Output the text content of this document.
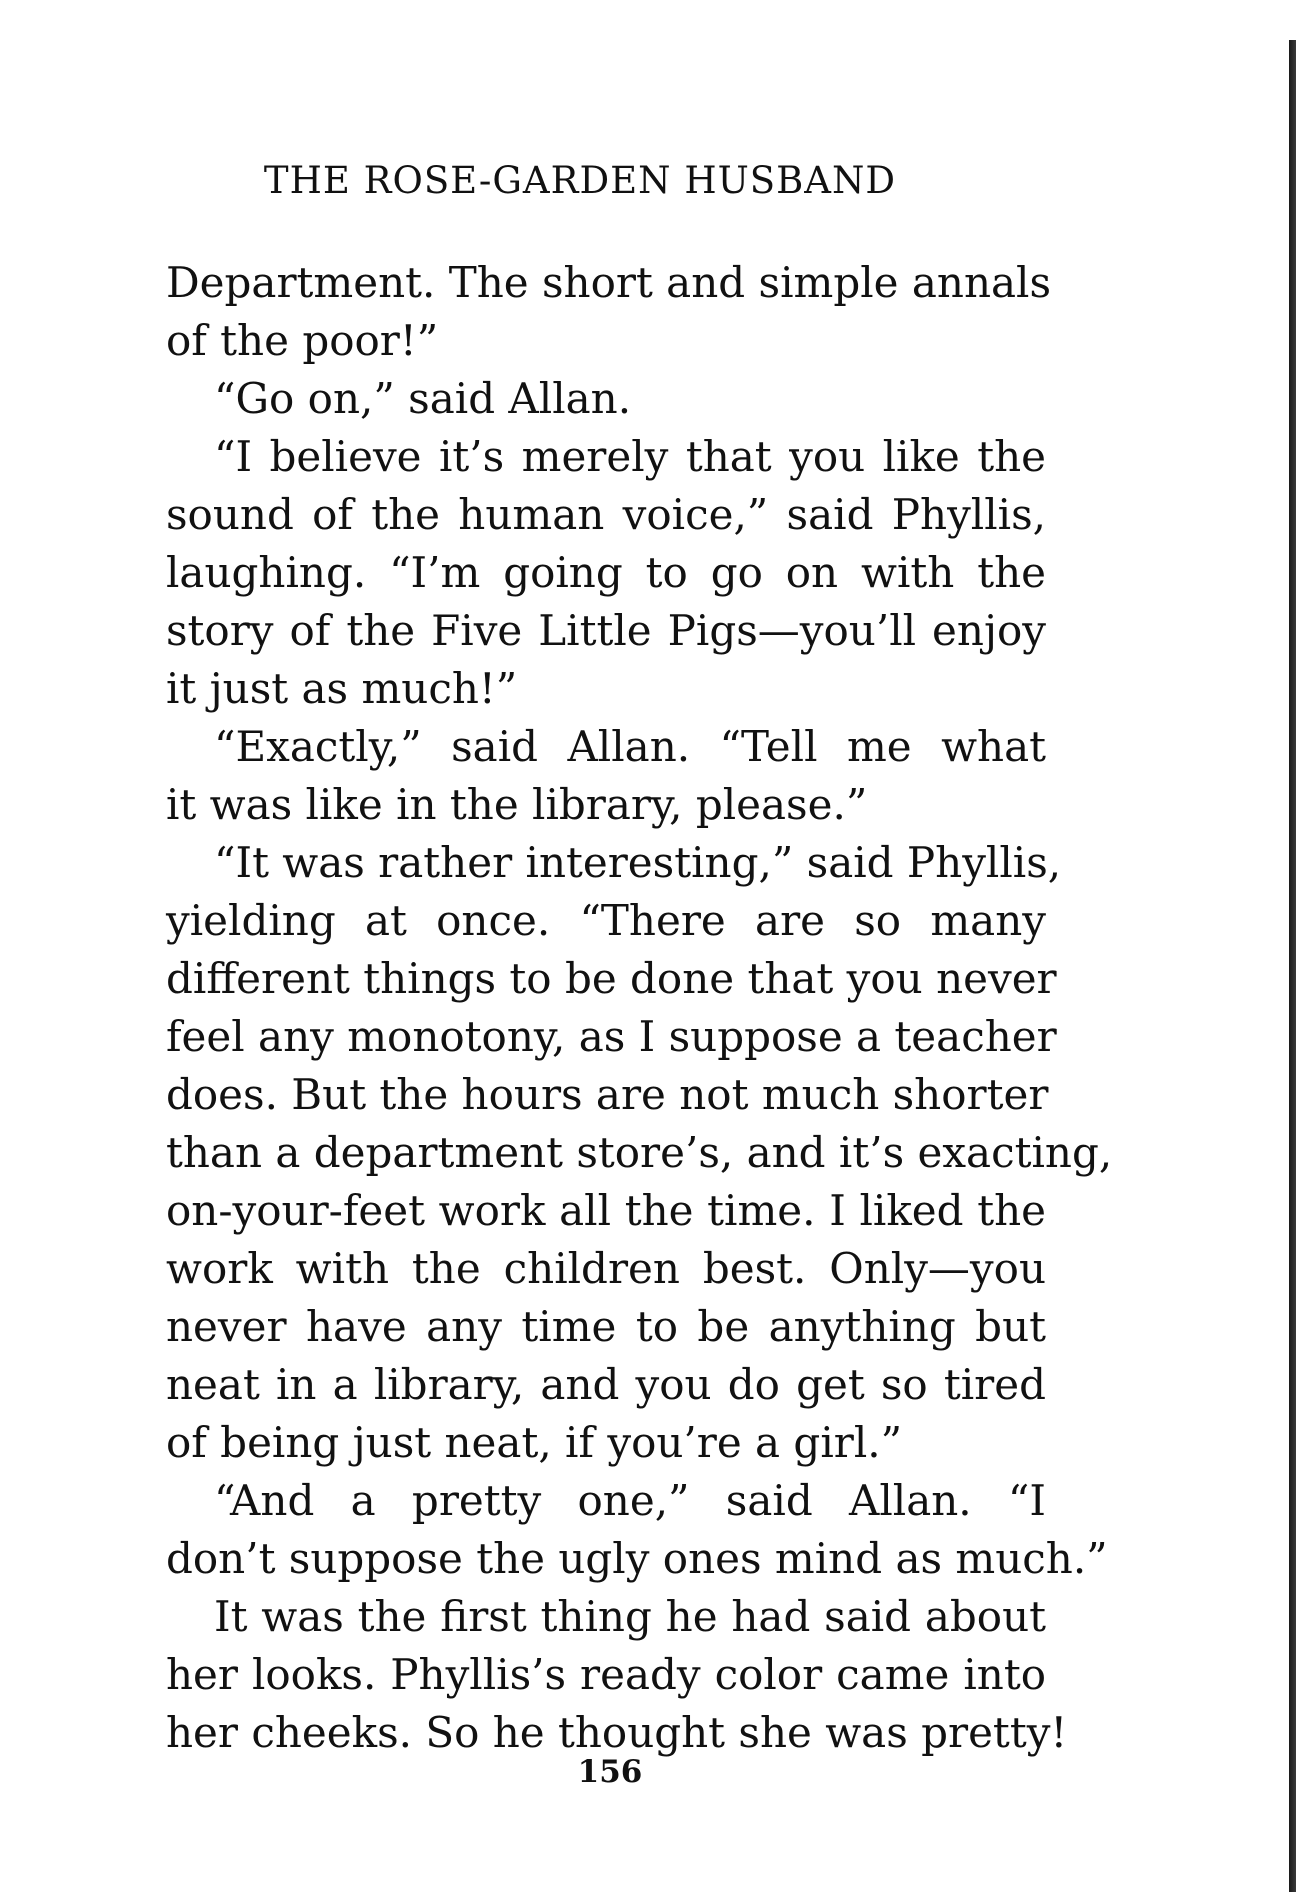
THE ROSE-GARDEN HUSBAND
Department. The short and simple annals
of the poor!”
“Go on,” said Allan.
“I believe it’s merely that you like the
sound of the human voice,” said Phyllis,
laughing. “I’m going to go on with the
story of the Five Little Pigs—you’ll enjoy
it just as much!”
“Exactly,” said Allan. “Tell me what
it was like in the library, please.”
“It was rather interesting,” said Phyllis,
yielding at once. “There are so many
different things to be done that you never
feel any monotony, as I suppose a teacher
does. But the hours are not much shorter
than a department store’s, and it’s exacting,
on-your-feet work all the time. I liked the
work with the children best. Only—you
never have any time to be anything but
neat in a library, and you do get so tired
of being just neat, if you’re a girl.”
“And a pretty one,” said Allan. “I
don’t suppose the ugly ones mind as much.”
It was the first thing he had said about
her looks. Phyllis’s ready color came into
her cheeks. So he thought she was pretty!
156
